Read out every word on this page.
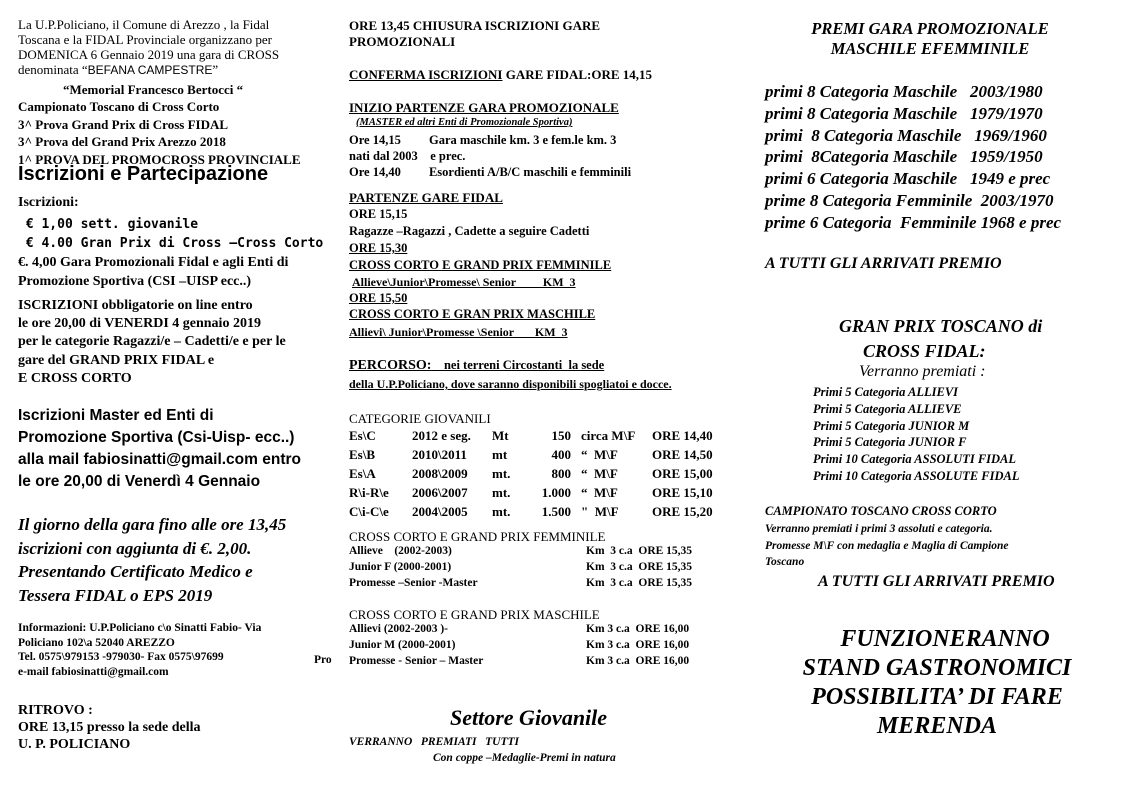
La U.P.Policiano, il Comune di Arezzo , la Fidal
Toscana e la FIDAL Provinciale organizzano per
DOMENICA 6 Gennaio 2019 una gara di CROSS
denominata “BEFANA CAMPESTRE”
“Memorial Francesco Bertocci “
Campionato Toscano di Cross Corto
3^ Prova Grand Prix di Cross FIDAL
3^ Prova del Grand Prix Arezzo 2018
1^ PROVA DEL PROMOCROSS PROVINCIALE
Iscrizioni e Partecipazione
Iscrizioni:
€ 1,00 sett. giovanile
€ 4.00 Gran Prix di Cross –Cross Corto
€. 4,00 Gara Promozionali Fidal e agli Enti di
Promozione Sportiva (CSI –UISP ecc..)
ISCRIZIONI obbligatorie on line entro
le ore 20,00 di VENERDI 4 gennaio 2019
per le categorie Ragazzi/e – Cadetti/e e per le
gare del GRAND PRIX FIDAL e
E CROSS CORTO
Iscrizioni Master ed Enti di
Promozione Sportiva (Csi-Uisp- ecc..)
alla mail fabiosinatti@gmail.com entro
le ore 20,00 di Venerdì 4 Gennaio
Il giorno della gara fino alle ore 13,45
iscrizioni con aggiunta di €. 2,00.
Presentando Certificato Medico e
Tessera FIDAL o EPS 2019
Informazioni: U.P.Policiano c\o Sinatti Fabio- Via
Policiano 102\a 52040 AREZZO
Tel. 0575\979153 -979030- Fax 0575\97699
e-mail fabiosinatti@gmail.com
Pro
RITROVO :
ORE 13,15 presso la sede della
U. P. POLICIANO
ORE 13,45 CHIUSURA ISCRIZIONI GARE
PROMOZIONALI
CONFERMA ISCRIZIONI GARE FIDAL:ORE 14,15
INIZIO PARTENZE GARA PROMOZIONALE
(MASTER ed altri Enti di Promozionale Sportiva)
Ore 14,15         Gara maschile km. 3 e fem.le km. 3
nati dal 2003    e prec.
Ore 14,40         Esordienti A/B/C maschili e femminili
PARTENZE GARE FIDAL
ORE 15,15
Ragazze –Ragazzi , Cadette a seguire Cadetti
ORE 15,30
CROSS CORTO E GRAND PRIX FEMMINILE
Allieve\Junior\Promesse\ Senior         KM  3
ORE 15,50
CROSS CORTO E GRAN PRIX MASCHILE
Allievi\ Junior\Promesse \Senior       KM  3
PERCORSO:    nei terreni Circostanti  la sede
della U.P.Policiano, dove saranno disponibili spogliatoi e docce.
CATEGORIE GIOVANILI
Es\C	2012 e seg. Mt	150 circa M\F ORE 14,40
Es\B	2010\2011 mt	400 “  M\F	ORE 14,50
Es\A	2008\2009 mt.	800 “  M\F	ORE 15,00
R\i-R\e 2006\2007 mt. 1.000 “  M\F	ORE 15,10
C\i-C\e 2004\2005 mt. 1.500 "  M\F	ORE 15,20
CROSS CORTO E GRAND PRIX FEMMINILE
Allieve    (2002-2003)	Km  3 c.a  ORE 15,35
Junior F (2000-2001)	Km  3 c.a  ORE 15,35
Promesse –Senior -Master	Km  3 c.a  ORE 15,35
CROSS CORTO E GRAND PRIX MASCHILE
Allievi (2002-2003 )-	Km 3 c.a  ORE 16,00
Junior M (2000-2001)	Km 3 c.a  ORE 16,00
Promesse - Senior – Master	Km 3 c.a  ORE 16,00
Settore Giovanile
VERRANNO   PREMIATI   TUTTI
Con coppe –Medaglie-Premi in natura
PREMI GARA PROMOZIONALE
MASCHILE EFEMMINILE
primi 8 Categoria Maschile   2003/1980
primi 8 Categoria Maschile   1979/1970
primi  8 Categoria Maschile   1969/1960
primi  8Categoria Maschile   1959/1950
primi 6 Categoria Maschile   1949 e prec
prime 8 Categoria Femminile  2003/1970
prime 6 Categoria  Femminile 1968 e prec
A TUTTI GLI ARRIVATI PREMIO
GRAN PRIX TOSCANO di
CROSS FIDAL:
Verranno premiati :
Primi 5 Categoria ALLIEVI
Primi 5 Categoria ALLIEVE
Primi 5 Categoria JUNIOR M
Primi 5 Categoria JUNIOR F
Primi 10 Categoria ASSOLUTI FIDAL
Primi 10 Categoria ASSOLUTE FIDAL
CAMPIONATO TOSCANO CROSS CORTO
Verranno premiati i primi 3 assoluti e categoria.
Promesse M\F con medaglia e Maglia di Campione
Toscano
A TUTTI GLI ARRIVATI PREMIO
FUNZIONERANNO
STAND GASTRONOMICI
POSSIBILITA’ DI FARE
MERENDA
